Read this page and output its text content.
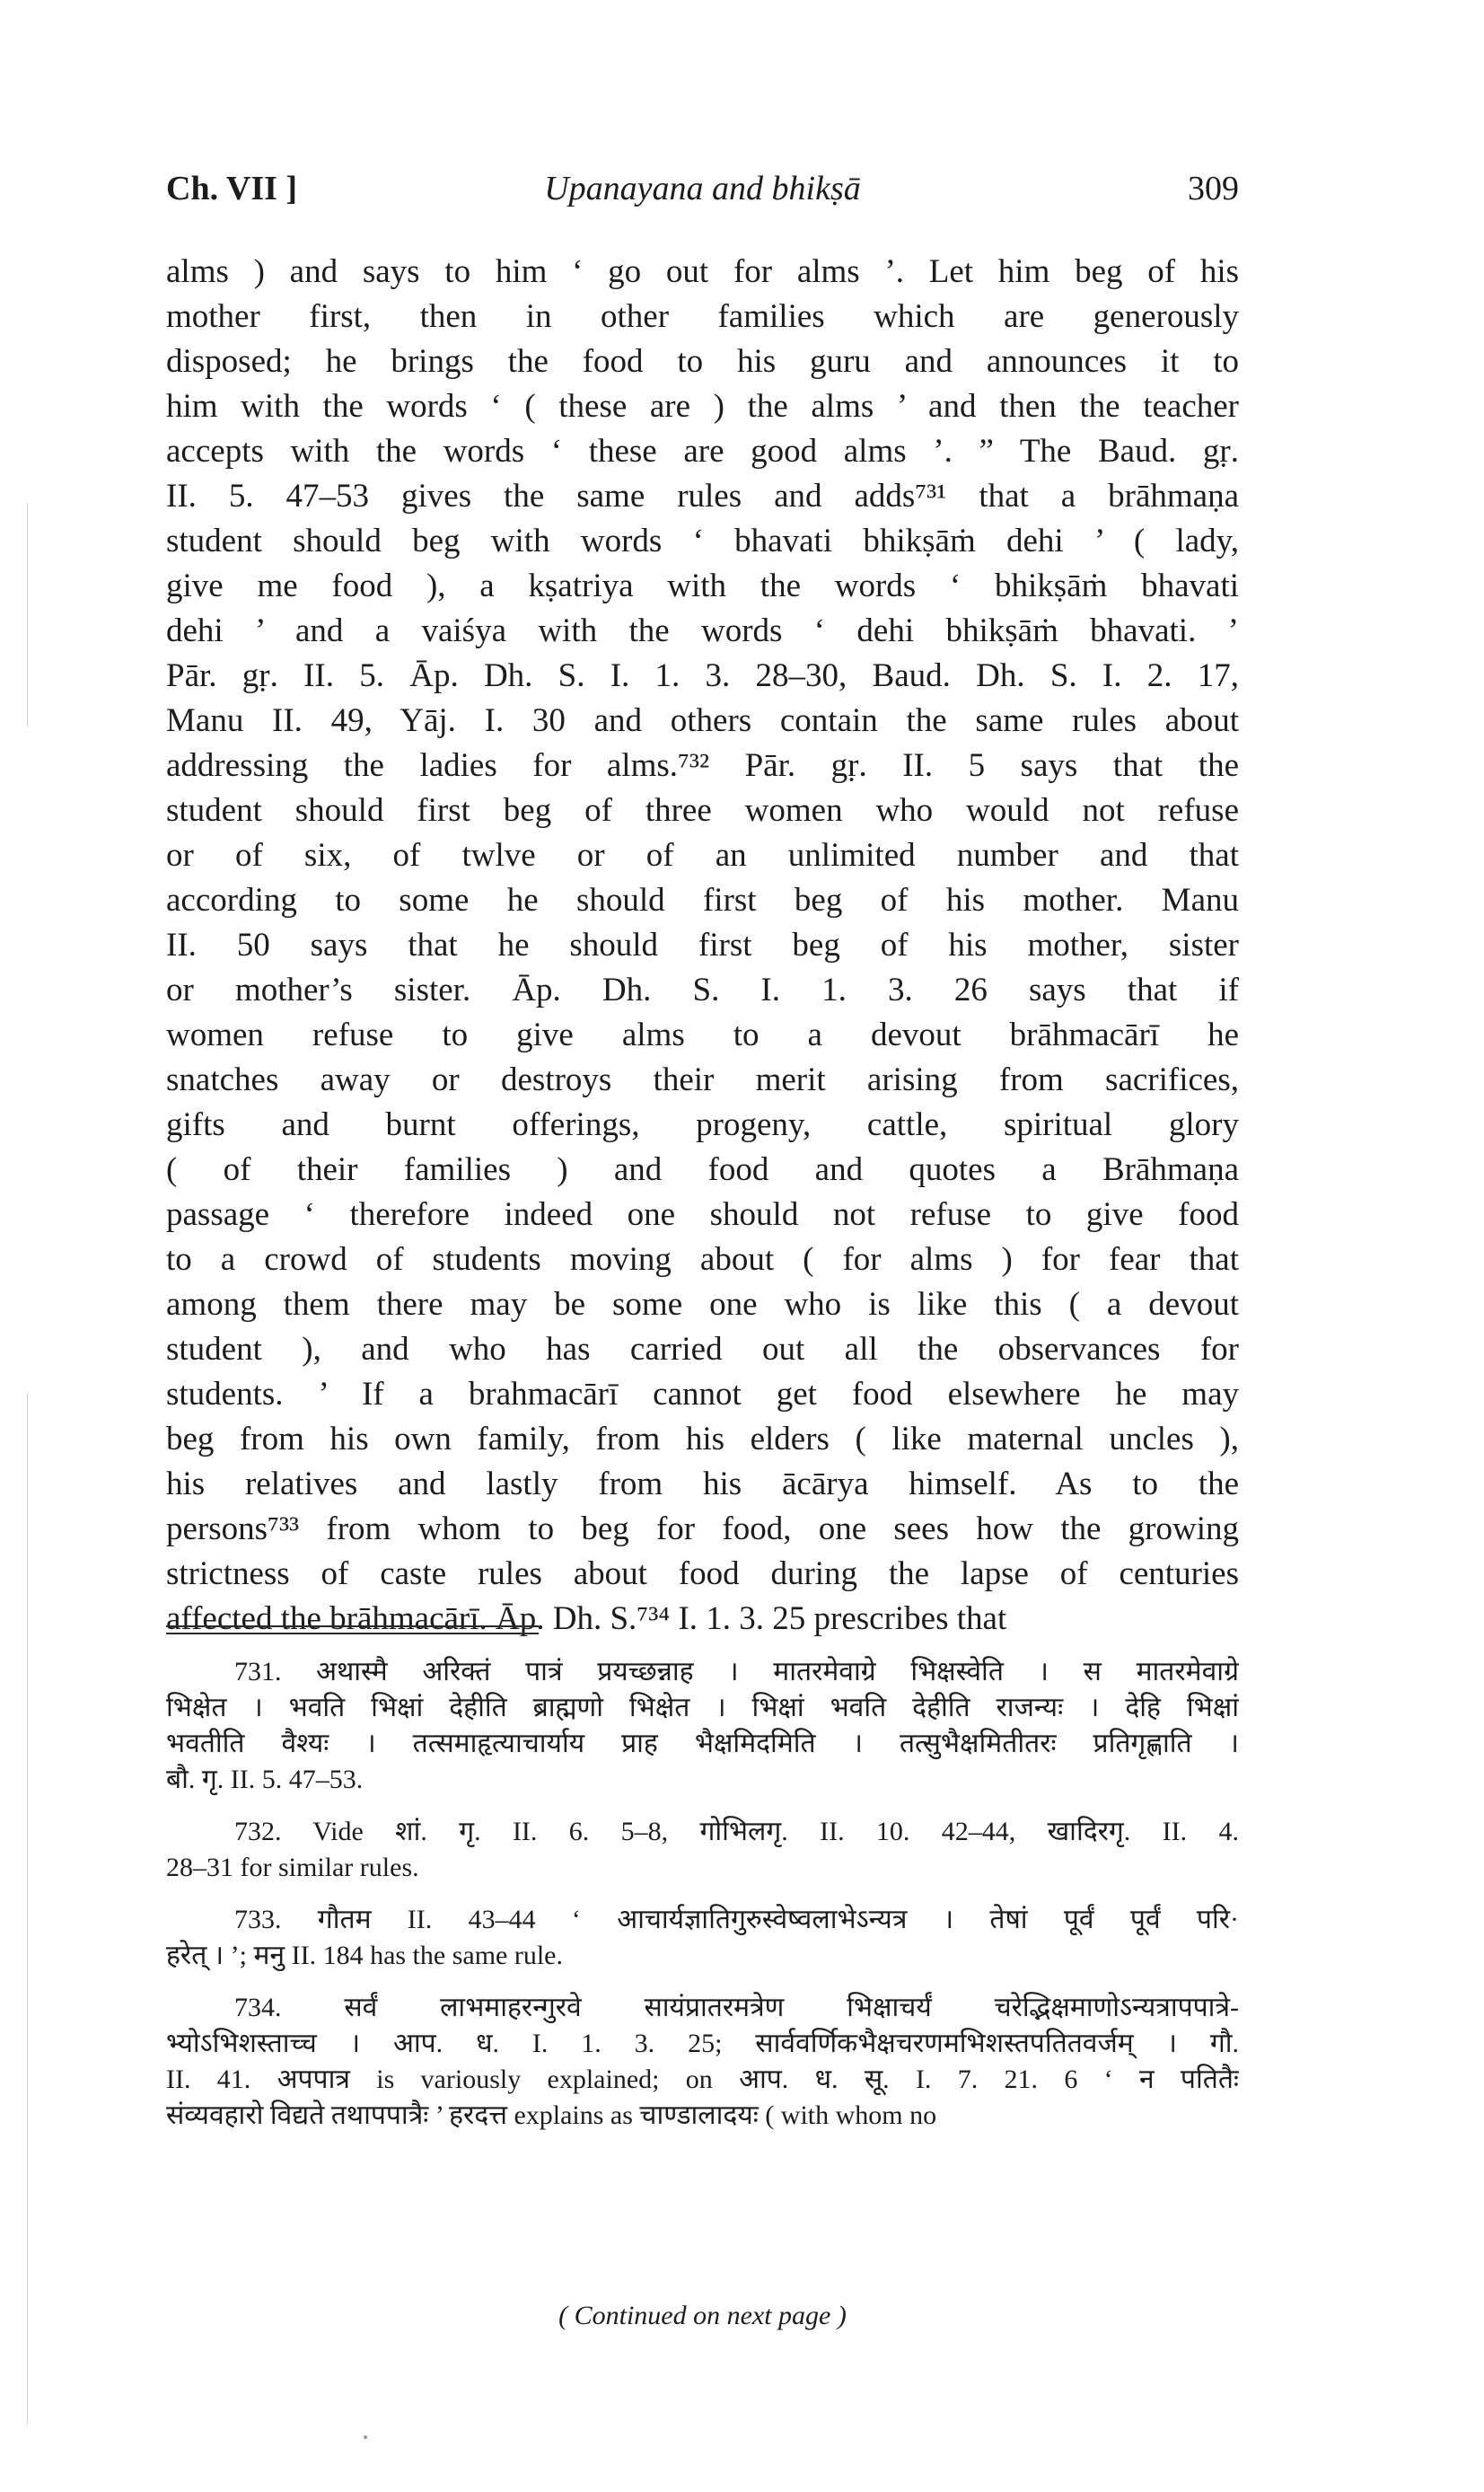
Ch. VII ]	Upanayana and bhikṣā	309
alms ) and says to him ‘ go out for alms ’. Let him beg of his
mother first, then in other families which are generously
disposed; he brings the food to his guru and announces it to
him with the words ‘ ( these are ) the alms ’ and then the teacher
accepts with the words ‘ these are good alms ’. ” The Baud. gṛ.
II. 5. 47–53 gives the same rules and adds⁷³¹ that a brāhmaṇa
student should beg with words ‘ bhavati bhikṣāṁ dehi ’ ( lady,
give me food ), a kṣatriya with the words ‘ bhikṣāṁ bhavati
dehi ’ and a vaiśya with the words ‘ dehi bhikṣāṁ bhavati. ’
Pār. gṛ. II. 5. Āp. Dh. S. I. 1. 3. 28–30, Baud. Dh. S. I. 2. 17,
Manu II. 49, Yāj. I. 30 and others contain the same rules about
addressing the ladies for alms.⁷³² Pār. gṛ. II. 5 says that the
student should first beg of three women who would not refuse
or of six, of twlve or of an unlimited number and that
according to some he should first beg of his mother. Manu
II. 50 says that he should first beg of his mother, sister
or mother’s sister. Āp. Dh. S. I. 1. 3. 26 says that if
women refuse to give alms to a devout brāhmacārī he
snatches away or destroys their merit arising from sacrifices,
gifts and burnt offerings, progeny, cattle, spiritual glory
( of their families ) and food and quotes a Brāhmaṇa
passage ‘ therefore indeed one should not refuse to give food
to a crowd of students moving about ( for alms ) for fear that
among them there may be some one who is like this ( a devout
student ), and who has carried out all the observances for
students. ’ If a brahmacārī cannot get food elsewhere he may
beg from his own family, from his elders ( like maternal uncles ),
his relatives and lastly from his ācārya himself. As to the
persons⁷³³ from whom to beg for food, one sees how the growing
strictness of caste rules about food during the lapse of centuries
affected the brāhmacārī. Āp. Dh. S.⁷³⁴ I. 1. 3. 25 prescribes that
731. अथास्मै अरिक्तं पात्रं प्रयच्छन्नाह । मातरमेवाग्रे भिक्षस्वेति । स मातरमेवाग्रे
भिक्षेत । भवति भिक्षां देहीति ब्राह्मणो भिक्षेत । भिक्षां भवति देहीति राजन्यः । देहि भिक्षां
भवतीति वैश्यः । तत्समाहृत्याचार्याय प्राह भैक्षमिदमिति । तत्सुभैक्षमितीतरः प्रतिगृह्णाति ।
बौ. गृ. II. 5. 47–53.
732. Vide शां. गृ. II. 6. 5–8, गोभिलगृ. II. 10. 42–44, खादिरगृ. II. 4.
28–31 for similar rules.
733. गौतम II. 43–44 ‘ आचार्यज्ञातिगुरुस्वेष्वलाभेऽन्यत्र । तेषां पूर्वं पूर्वं परि·
हरेत् । ’; मनु II. 184 has the same rule.
734. सर्वं लाभमाहरन्गुरवे सायंप्रातरमत्रेण भिक्षाचर्यं चरेद्भिक्षमाणोऽन्यत्रापपात्रे-
भ्योऽभिशस्ताच्च । आप. ध. I. 1. 3. 25; सार्ववर्णिकभैक्षचरणमभिशस्तपतितवर्जम् । गौ.
II. 41. अपपात्र is variously explained; on आप. ध. सू. I. 7. 21. 6 ‘ न पतितैः
संव्यवहारो विद्यते तथापपात्रैः ’ हरदत्त explains as चाण्डालादयः ( with whom no
( Continued on next page )
